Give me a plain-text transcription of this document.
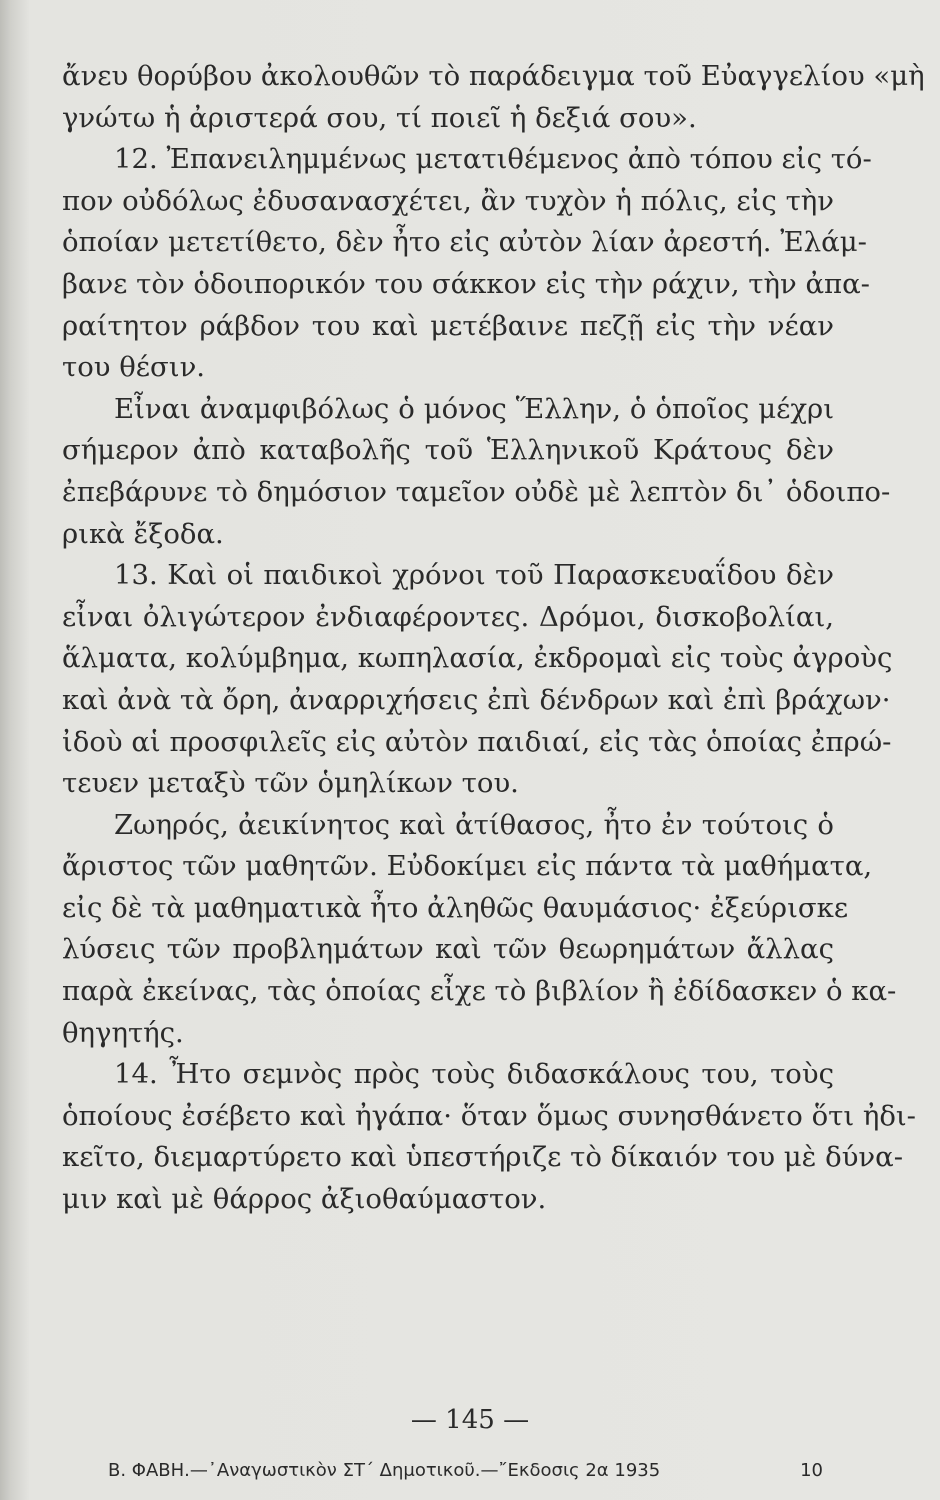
ἄνευ θορύβου ἀκολουθῶν τὸ παράδειγμα τοῦ Εὐαγγελίου «μὴ
γνώτω ἡ ἀριστερά σου, τί ποιεῖ ἡ δεξιά σου».
12. Ἐπανειλημμένως μετατιθέμενος ἀπὸ τόπου εἰς τό-
πον οὐδόλως ἐδυσανασχέτει, ἂν τυχὸν ἡ πόλις, εἰς τὴν
ὁποίαν μετετίθετο, δὲν ἦτο εἰς αὐτὸν λίαν ἀρεστή. Ἐλάμ-
βανε τὸν ὁδοιπορικόν του σάκκον εἰς τὴν ράχιν, τὴν ἀπα-
ραίτητον ράβδον του καὶ μετέβαινε πεζῇ εἰς τὴν νέαν
του θέσιν.
Εἶναι ἀναμφιβόλως ὁ μόνος Ἕλλην, ὁ ὁποῖος μέχρι
σήμερον ἀπὸ καταβολῆς τοῦ Ἑλληνικοῦ Κράτους δὲν
ἐπεβάρυνε τὸ δημόσιον ταμεῖον οὐδὲ μὲ λεπτὸν δι᾽ ὁδοιπο-
ρικὰ ἔξοδα.
13. Καὶ οἱ παιδικοὶ χρόνοι τοῦ Παρασκευαΐδου δὲν
εἶναι ὀλιγώτερον ἐνδιαφέροντες. Δρόμοι, δισκοβολίαι,
ἅλματα, κολύμβημα, κωπηλασία, ἐκδρομαὶ εἰς τοὺς ἀγροὺς
καὶ ἀνὰ τὰ ὄρη, ἀναρριχήσεις ἐπὶ δένδρων καὶ ἐπὶ βράχων·
ἰδοὺ αἱ προσφιλεῖς εἰς αὐτὸν παιδιαί, εἰς τὰς ὁποίας ἐπρώ-
τευεν μεταξὺ τῶν ὁμηλίκων του.
Ζωηρός, ἀεικίνητος καὶ ἀτίθασος, ἦτο ἐν τούτοις ὁ
ἄριστος τῶν μαθητῶν. Εὐδοκίμει εἰς πάντα τὰ μαθήματα,
εἰς δὲ τὰ μαθηματικὰ ἦτο ἀληθῶς θαυμάσιος· ἐξεύρισκε
λύσεις τῶν προβλημάτων καὶ τῶν θεωρημάτων ἄλλας
παρὰ ἐκείνας, τὰς ὁποίας εἶχε τὸ βιβλίον ἢ ἐδίδασκεν ὁ κα-
θηγητής.
14. Ἦτο σεμνὸς πρὸς τοὺς διδασκάλους του, τοὺς
ὁποίους ἐσέβετο καὶ ἠγάπα· ὅταν ὅμως συνησθάνετο ὅτι ἠδι-
κεῖτο, διεμαρτύρετο καὶ ὑπεστήριζε τὸ δίκαιόν του μὲ δύνα-
μιν καὶ μὲ θάρρος ἀξιοθαύμαστον.
— 145 —
Β. ΦΑΒΗ.—᾿Αναγωστικὸν ΣΤ΄ Δημοτικοῦ.—῎Εκδοσις 2α 1935	10
